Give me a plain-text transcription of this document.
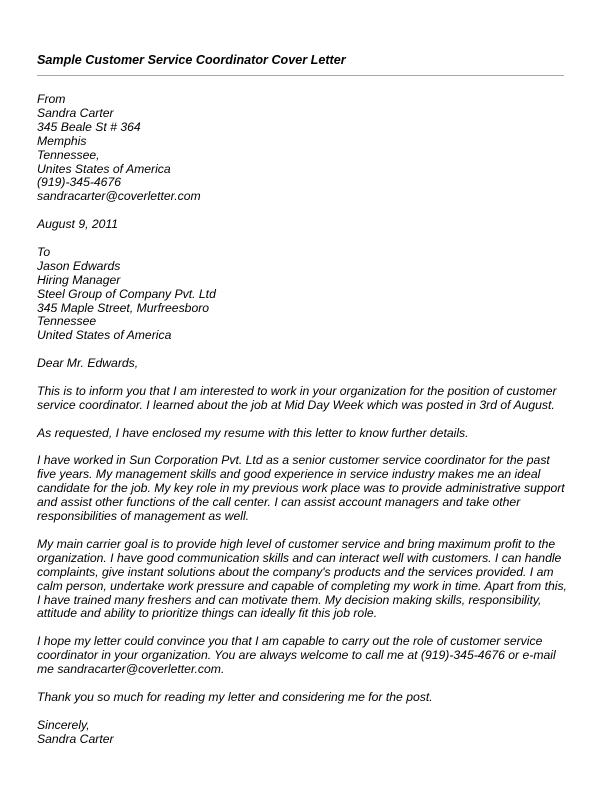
Sample Customer Service Coordinator Cover Letter
From
Sandra Carter
345 Beale St # 364
Memphis
Tennessee,
Unites States of America
(919)-345-4676
sandracarter@coverletter.com
August 9, 2011
To
Jason Edwards
Hiring Manager
Steel Group of Company Pvt. Ltd
345 Maple Street, Murfreesboro
Tennessee
United States of America
Dear Mr. Edwards,
This is to inform you that I am interested to work in your organization for the position of customer
service coordinator. I learned about the job at Mid Day Week which was posted in 3rd of August.
As requested, I have enclosed my resume with this letter to know further details.
I have worked in Sun Corporation Pvt. Ltd as a senior customer service coordinator for the past
five years. My management skills and good experience in service industry makes me an ideal
candidate for the job. My key role in my previous work place was to provide administrative support
and assist other functions of the call center. I can assist account managers and take other
responsibilities of management as well.
My main carrier goal is to provide high level of customer service and bring maximum profit to the
organization. I have good communication skills and can interact well with customers. I can handle
complaints, give instant solutions about the company's products and the services provided. I am
calm person, undertake work pressure and capable of completing my work in time. Apart from this,
I have trained many freshers and can motivate them. My decision making skills, responsibility,
attitude and ability to prioritize things can ideally fit this job role.
I hope my letter could convince you that I am capable to carry out the role of customer service
coordinator in your organization. You are always welcome to call me at (919)-345-4676 or e-mail
me sandracarter@coverletter.com.
Thank you so much for reading my letter and considering me for the post.
Sincerely,
Sandra Carter
